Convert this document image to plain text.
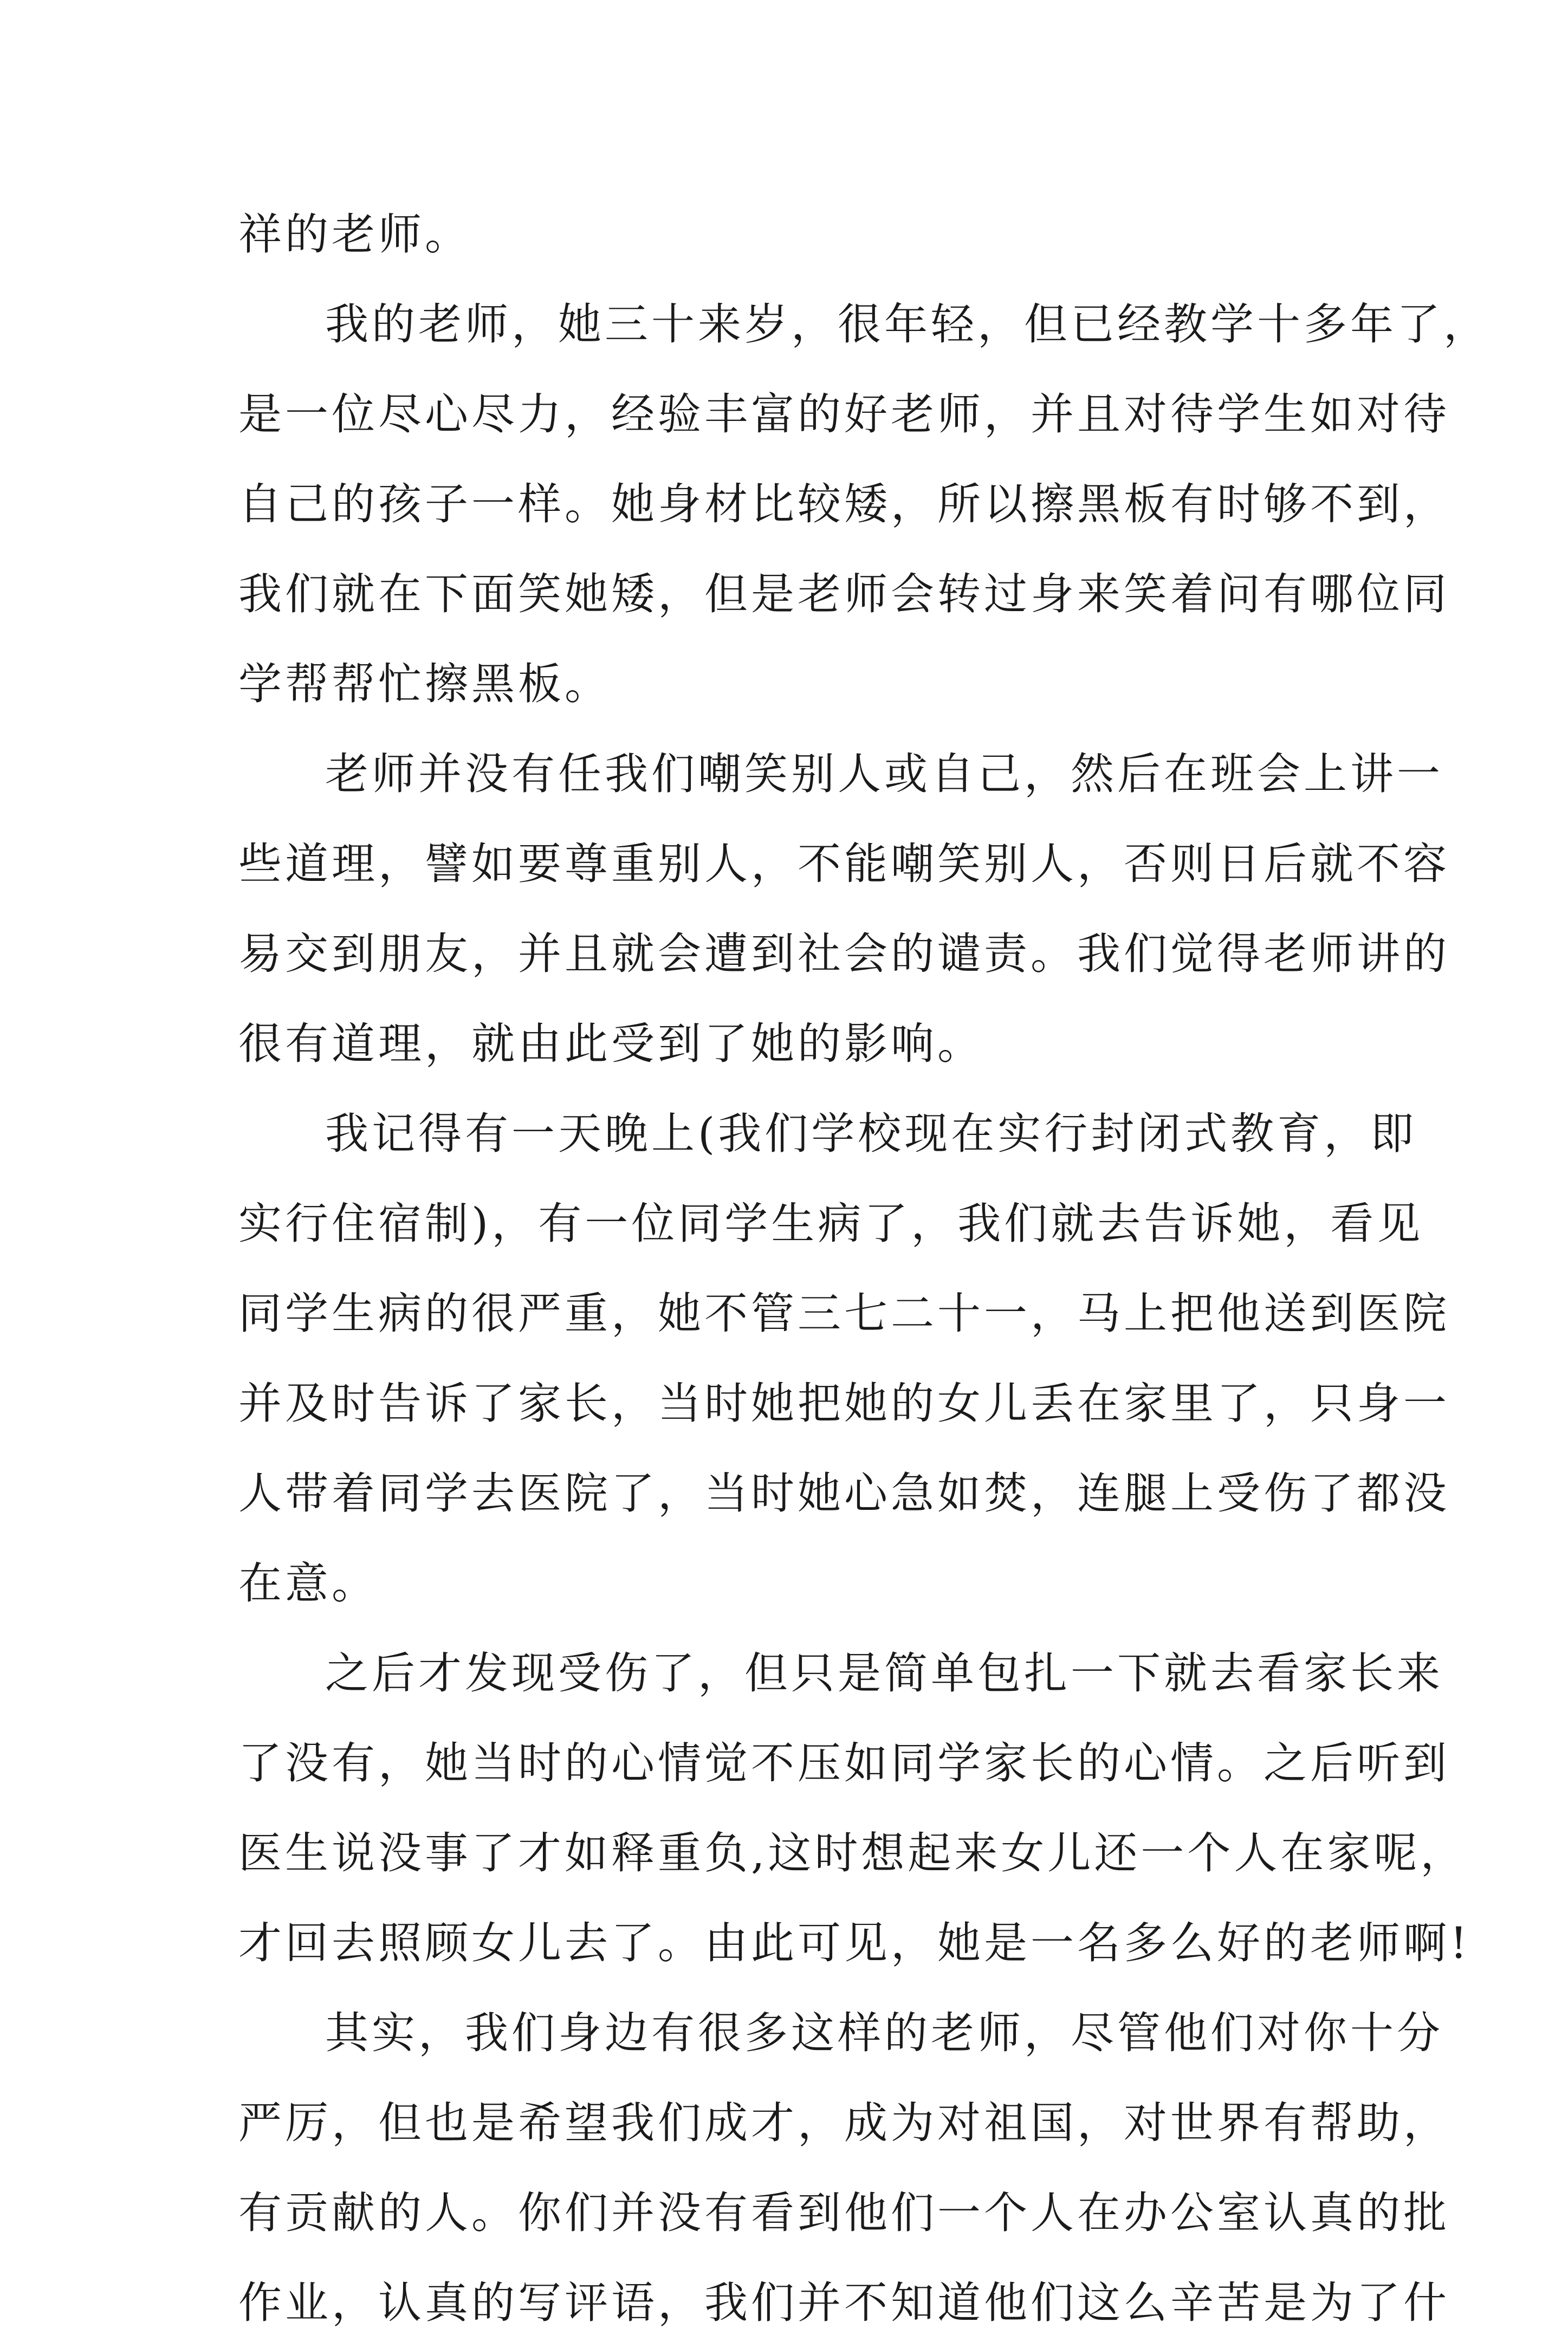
祥的老师。
我的老师，她三十来岁，很年轻，但已经教学十多年了，
是一位尽心尽力，经验丰富的好老师，并且对待学生如对待
自己的孩子一样。她身材比较矮，所以擦黑板有时够不到，
我们就在下面笑她矮，但是老师会转过身来笑着问有哪位同
学帮帮忙擦黑板。
老师并没有任我们嘲笑别人或自己，然后在班会上讲一
些道理，譬如要尊重别人，不能嘲笑别人，否则日后就不容
易交到朋友，并且就会遭到社会的谴责。我们觉得老师讲的
很有道理，就由此受到了她的影响。
我记得有一天晚上(我们学校现在实行封闭式教育，即
实行住宿制)，有一位同学生病了，我们就去告诉她，看见
同学生病的很严重，她不管三七二十一，马上把他送到医院
并及时告诉了家长，当时她把她的女儿丢在家里了，只身一
人带着同学去医院了，当时她心急如焚，连腿上受伤了都没
在意。
之后才发现受伤了，但只是简单包扎一下就去看家长来
了没有，她当时的心情觉不压如同学家长的心情。之后听到
医生说没事了才如释重负,这时想起来女儿还一个人在家呢，
才回去照顾女儿去了。由此可见，她是一名多么好的老师啊!
其实，我们身边有很多这样的老师，尽管他们对你十分
严厉，但也是希望我们成才，成为对祖国，对世界有帮助，
有贡献的人。你们并没有看到他们一个人在办公室认真的批
作业，认真的写评语，我们并不知道他们这么辛苦是为了什
